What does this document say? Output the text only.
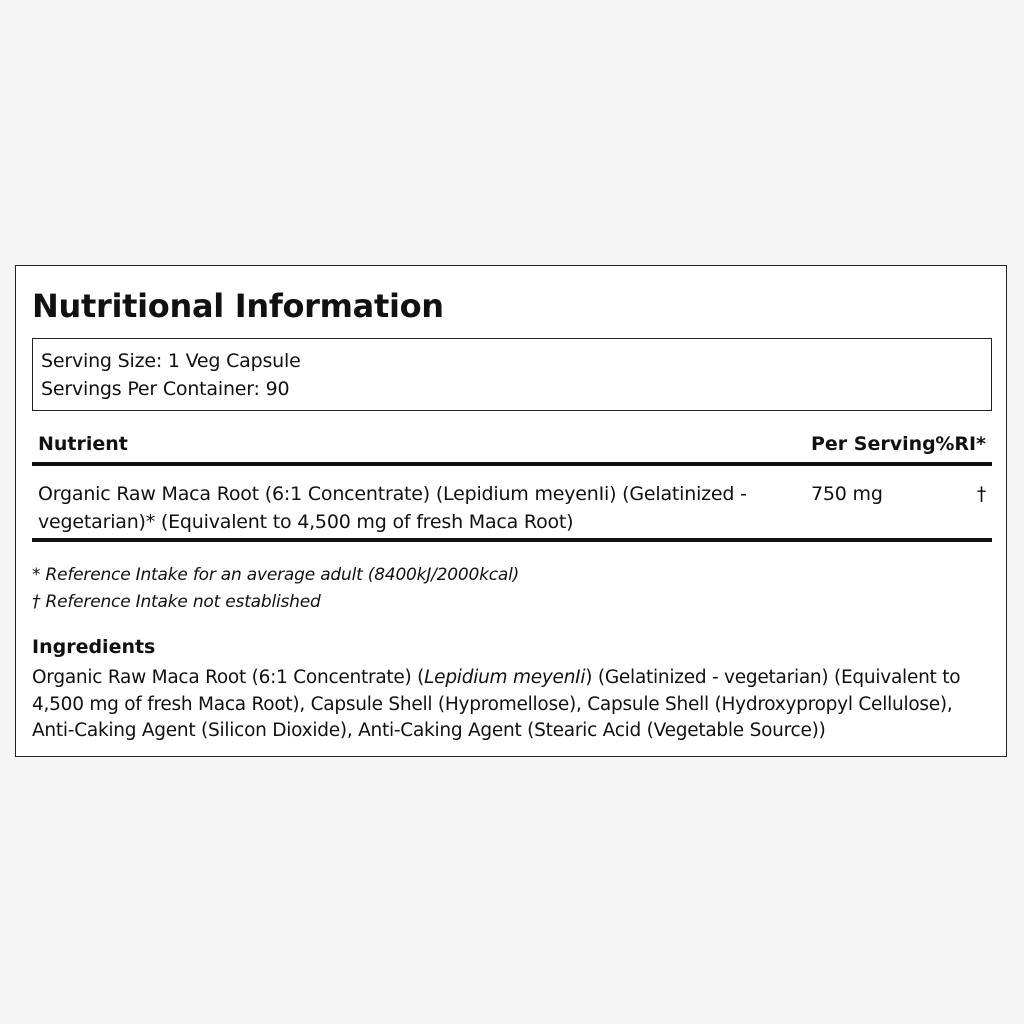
Nutritional Information
Serving Size: 1 Veg Capsule
Servings Per Container: 90
Nutrient	Per Serving %RI*
Organic Raw Maca Root (6:1 Concentrate) (Lepidium meyenIi) (Gelatinized - vegetarian)* (Equivalent to 4,500 mg of fresh Maca Root)
750 mg	†
* Reference Intake for an average adult (8400kJ/2000kcal)
† Reference Intake not established
Ingredients
Organic Raw Maca Root (6:1 Concentrate) (Lepidium meyenIi) (Gelatinized - vegetarian) (Equivalent to 4,500 mg of fresh Maca Root), Capsule Shell (Hypromellose), Capsule Shell (Hydroxypropyl Cellulose), Anti-Caking Agent (Silicon Dioxide), Anti-Caking Agent (Stearic Acid (Vegetable Source))
